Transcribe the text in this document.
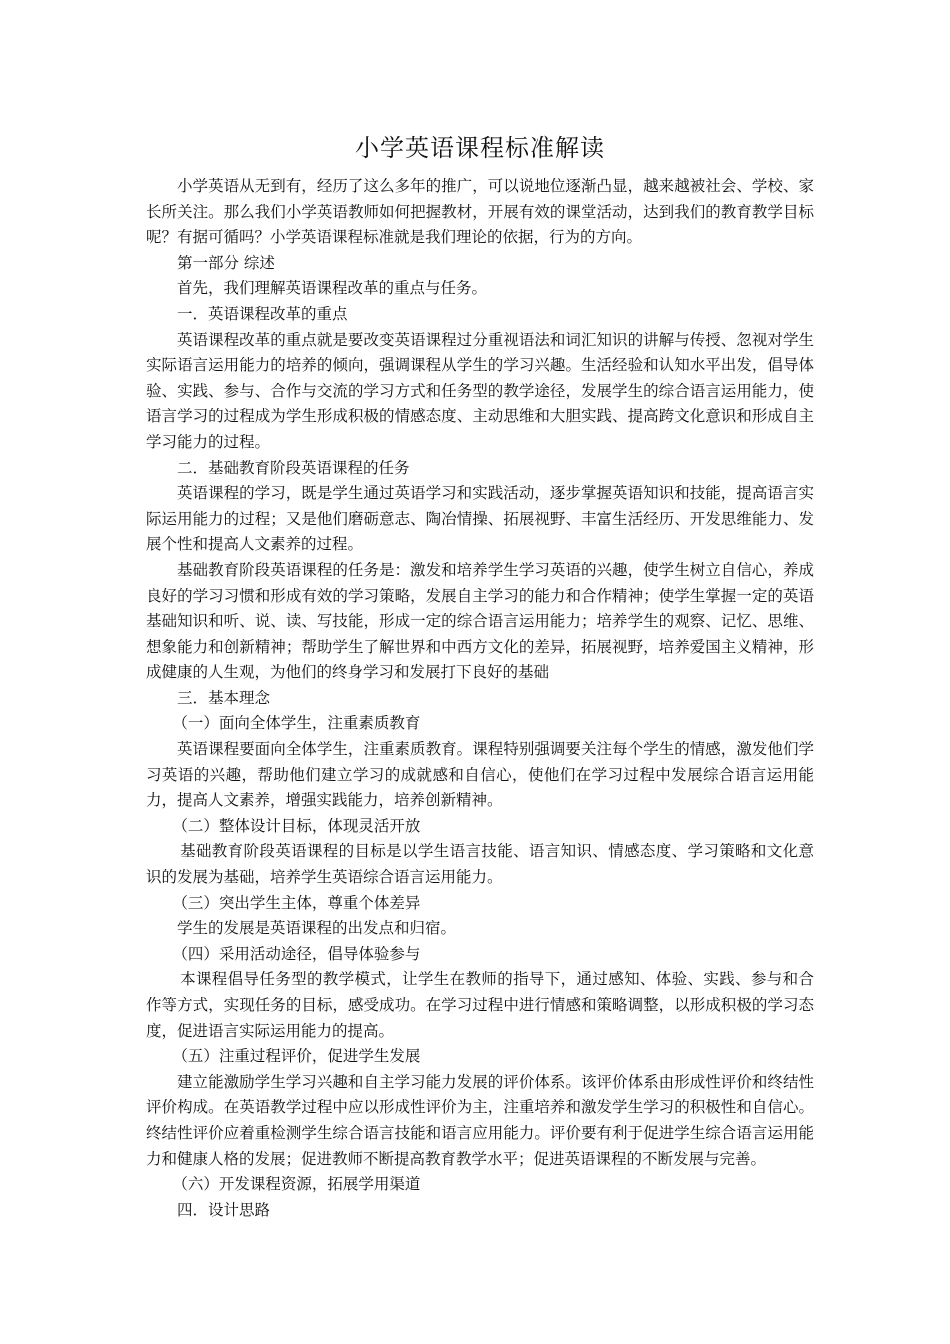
小学英语课程标准解读

小学英语从无到有，经历了这么多年的推广，可以说地位逐渐凸显，越来越被社会、学校、家长所关注。那么我们小学英语教师如何把握教材，开展有效的课堂活动，达到我们的教育教学目标呢？有据可循吗？小学英语课程标准就是我们理论的依据，行为的方向。

第一部分 综述

首先，我们理解英语课程改革的重点与任务。

一．英语课程改革的重点

英语课程改革的重点就是要改变英语课程过分重视语法和词汇知识的讲解与传授、忽视对学生实际语言运用能力的培养的倾向，强调课程从学生的学习兴趣。生活经验和认知水平出发，倡导体验、实践、参与、合作与交流的学习方式和任务型的教学途径，发展学生的综合语言运用能力，使语言学习的过程成为学生形成积极的情感态度、主动思维和大胆实践、提高跨文化意识和形成自主学习能力的过程。

二．基础教育阶段英语课程的任务

英语课程的学习，既是学生通过英语学习和实践活动，逐步掌握英语知识和技能，提高语言实际运用能力的过程；又是他们磨砺意志、陶冶情操、拓展视野、丰富生活经历、开发思维能力、发展个性和提高人文素养的过程。

基础教育阶段英语课程的任务是：激发和培养学生学习英语的兴趣，使学生树立自信心，养成良好的学习习惯和形成有效的学习策略，发展自主学习的能力和合作精神；使学生掌握一定的英语基础知识和听、说、读、写技能，形成一定的综合语言运用能力；培养学生的观察、记忆、思维、想象能力和创新精神；帮助学生了解世界和中西方文化的差异，拓展视野，培养爱国主义精神，形成健康的人生观，为他们的终身学习和发展打下良好的基础

三．基本理念

（一）面向全体学生，注重素质教育

英语课程要面向全体学生，注重素质教育。课程特别强调要关注每个学生的情感，激发他们学习英语的兴趣，帮助他们建立学习的成就感和自信心，使他们在学习过程中发展综合语言运用能力，提高人文素养，增强实践能力，培养创新精神。

（二）整体设计目标，体现灵活开放

基础教育阶段英语课程的目标是以学生语言技能、语言知识、情感态度、学习策略和文化意识的发展为基础，培养学生英语综合语言运用能力。

（三）突出学生主体，尊重个体差异

学生的发展是英语课程的出发点和归宿。

（四）采用活动途径，倡导体验参与

本课程倡导任务型的教学模式，让学生在教师的指导下，通过感知、体验、实践、参与和合作等方式，实现任务的目标，感受成功。在学习过程中进行情感和策略调整，以形成积极的学习态度，促进语言实际运用能力的提高。

（五）注重过程评价，促进学生发展

建立能激励学生学习兴趣和自主学习能力发展的评价体系。该评价体系由形成性评价和终结性评价构成。在英语教学过程中应以形成性评价为主，注重培养和激发学生学习的积极性和自信心。终结性评价应着重检测学生综合语言技能和语言应用能力。评价要有利于促进学生综合语言运用能力和健康人格的发展；促进教师不断提高教育教学水平；促进英语课程的不断发展与完善。

（六）开发课程资源，拓展学用渠道

四．设计思路
